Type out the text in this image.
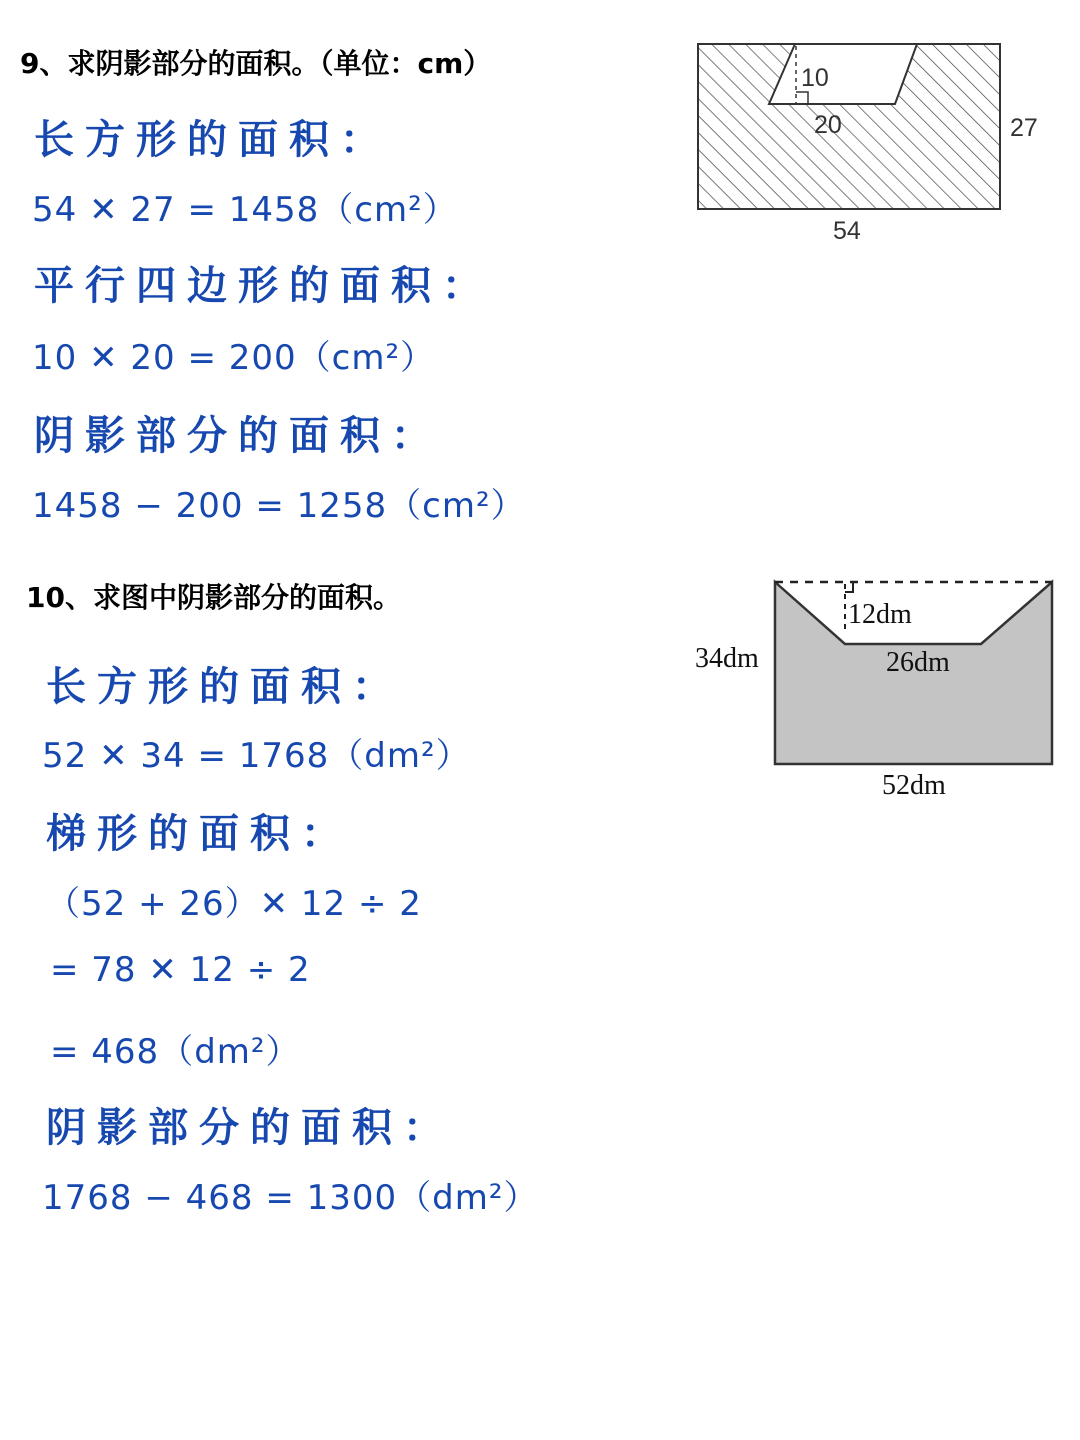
9、求阴影部分的面积。（单位：cm）
长方形的面积：
54 ✕ 27 = 1458（cm²）
平行四边形的面积：
10 ✕ 20 = 200（cm²）
阴影部分的面积：
1458 − 200 = 1258（cm²）
10
20	27
54
10、求图中阴影部分的面积。
长方形的面积：
52 ✕ 34 = 1768（dm²）
梯形的面积：
（52 + 26）✕ 12 ÷ 2
= 78 ✕ 12 ÷ 2
= 468（dm²）
阴影部分的面积：
1768 − 468 = 1300（dm²）
12dm
34dm	26dm
52dm
